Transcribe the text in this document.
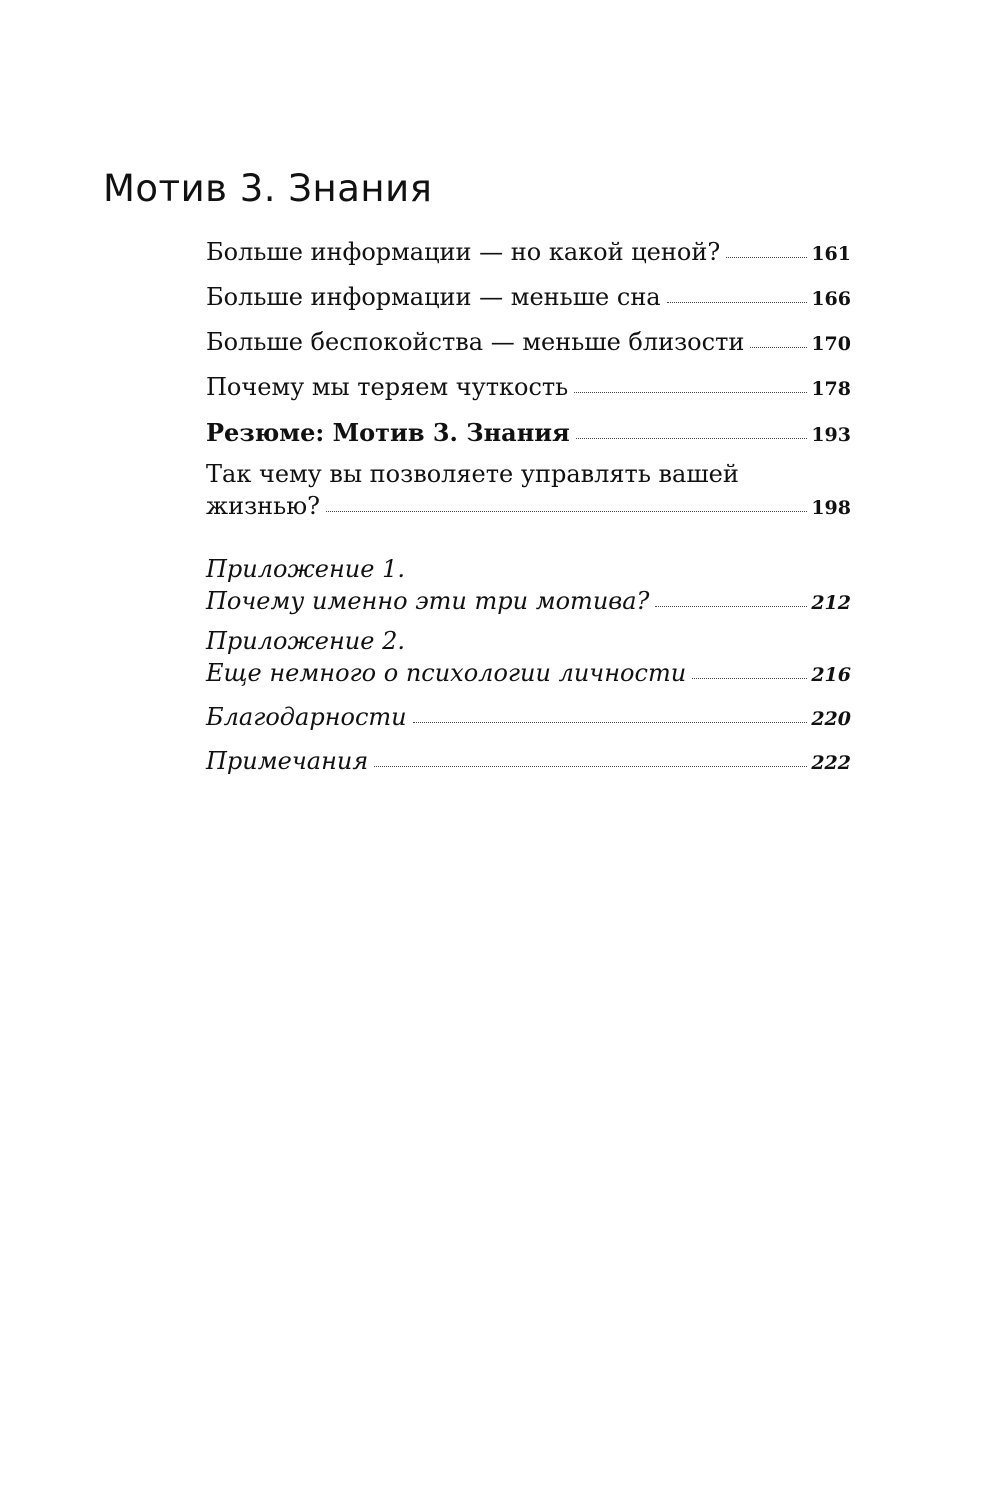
Мотив 3. Знания
Больше информации — но какой ценой?	161
Больше информации — меньше сна	166
Больше беспокойства — меньше близости	170
Почему мы теряем чуткость	178
Резюме: Мотив 3. Знания	193
Так чему вы позволяете управлять вашей
жизнью?	198
Приложение 1.
Почему именно эти три мотива?	212
Приложение 2.
Еще немного о психологии личности	216
Благодарности	220
Примечания	222
